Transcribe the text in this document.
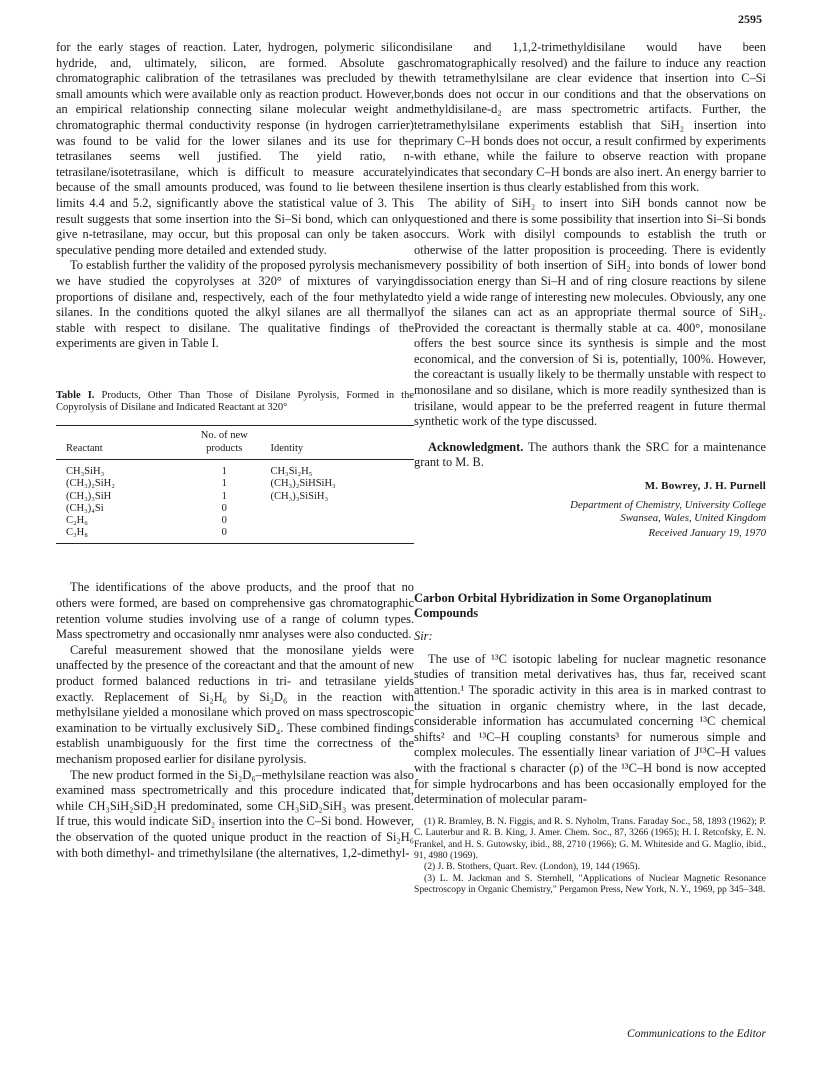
2595

for the early stages of reaction. Later, hydrogen, polymeric silicon hydride, and, ultimately, silicon, are formed. Absolute gas chromatographic calibration of the tetrasilanes was precluded by the small amounts which were available only as reaction product. However, an empirical relationship connecting silane molecular weight and chromatographic thermal conductivity response (in hydrogen carrier) was found to be valid for the lower silanes and its use for the tetrasilanes seems well justified. The yield ratio, n-tetrasilane/isotetrasilane, which is difficult to measure accurately because of the small amounts produced, was found to lie between the limits 4.4 and 5.2, significantly above the statistical value of 3. This result suggests that some insertion into the Si–Si bond, which can only give n-tetrasilane, may occur, but this proposal can only be taken as speculative pending more detailed and extended study.

To establish further the validity of the proposed pyrolysis mechanism we have studied the copyrolyses at 320° of mixtures of varying proportions of disilane and, respectively, each of the four methylated silanes. In the conditions quoted the alkyl silanes are all thermally stable with respect to disilane. The qualitative findings of the experiments are given in Table I.

Table I. Products, Other Than Those of Disilane Pyrolysis, Formed in the Copyrolysis of Disilane and Indicated Reactant at 320°
Reactant	No. of new products	Identity
CH₃SiH₃	1	CH₃Si₂H₅
(CH₃)₂SiH₂	1	(CH₃)₂SiHSiH₃
(CH₃)₃SiH	1	(CH₃)₃SiSiH₃
(CH₃)₄Si	0	
C₂H₆	0	
C₃H₈	0	

The identifications of the above products, and the proof that no others were formed, are based on comprehensive gas chromatographic retention volume studies involving use of a range of column types. Mass spectrometry and occasionally nmr analyses were also conducted.

Careful measurement showed that the monosilane yields were unaffected by the presence of the coreactant and that the amount of new product formed balanced reductions in tri- and tetrasilane yields exactly. Replacement of Si₂H₆ by Si₂D₆ in the reaction with methylsilane yielded a monosilane which proved on mass spectroscopic examination to be virtually exclusively SiD₄. These combined findings establish unambiguously for the first time the correctness of the mechanism proposed earlier for disilane pyrolysis.

The new product formed in the Si₂D₆–methylsilane reaction was also examined mass spectrometrically and this procedure indicated that, while CH₃SiH₂SiD₂H predominated, some CH₃SiD₂SiH₃ was present. If true, this would indicate SiD₂ insertion into the C–Si bond. However, the observation of the quoted unique product in the reaction of Si₂H₆ with both dimethyl- and trimethylsilane (the alternatives, 1,2-dimethyl-

disilane and 1,1,2-trimethyldisilane would have been chromatographically resolved) and the failure to induce any reaction with tetramethylsilane are clear evidence that insertion into C–Si bonds does not occur in our conditions and that the observations on methyldisilane-d₂ are mass spectrometric artifacts. Further, the tetramethylsilane experiments establish that SiH₂ insertion into primary C–H bonds does not occur, a result confirmed by experiments with ethane, while the failure to observe reaction with propane indicates that secondary C–H bonds are also inert. An energy barrier to silene insertion is thus clearly established from this work.

The ability of SiH₂ to insert into SiH bonds cannot now be questioned and there is some possibility that insertion into Si–Si bonds occurs. Work with disilyl compounds to establish the truth or otherwise of the latter proposition is proceeding. There is evidently every possibility of both insertion of SiH₂ into bonds of lower bond dissociation energy than Si–H and of ring closure reactions by silene to yield a wide range of interesting new molecules. Obviously, any one of the silanes can act as an appropriate thermal source of SiH₂. Provided the coreactant is thermally stable at ca. 400°, monosilane offers the best source since its synthesis is simple and the most economical, and the conversion of Si is, potentially, 100%. However, the coreactant is usually likely to be thermally unstable with respect to monosilane and so disilane, which is more readily synthesized than is trisilane, would appear to be the preferred reagent in future thermal synthetic work of the type discussed.

Acknowledgment. The authors thank the SRC for a maintenance grant to M. B.

M. Bowrey, J. H. Purnell
Department of Chemistry, University College
Swansea, Wales, United Kingdom
Received January 19, 1970
Carbon Orbital Hybridization in Some Organoplatinum Compounds
Sir:

The use of ¹³C isotopic labeling for nuclear magnetic resonance studies of transition metal derivatives has, thus far, received scant attention.¹ The sporadic activity in this area is in marked contrast to the situation in organic chemistry where, in the last decade, considerable information has accumulated concerning ¹³C chemical shifts² and ¹³C–H coupling constants³ for numerous simple and complex molecules. The essentially linear variation of J¹³C–H values with the fractional s character (ρ) of the ¹³C–H bond is now accepted for simple hydrocarbons and has been occasionally employed for the determination of molecular param-

(1) R. Bramley, B. N. Figgis, and R. S. Nyholm, Trans. Faraday Soc., 58, 1893 (1962); P. C. Lauterbur and R. B. King, J. Amer. Chem. Soc., 87, 3266 (1965); H. I. Retcofsky, E. N. Frankel, and H. S. Gutowsky, ibid., 88, 2710 (1966); G. M. Whiteside and G. Maglio, ibid., 91, 4980 (1969).

(2) J. B. Stothers, Quart. Rev. (London), 19, 144 (1965).

(3) L. M. Jackman and S. Sternhell, "Applications of Nuclear Magnetic Resonance Spectroscopy in Organic Chemistry," Pergamon Press, New York, N. Y., 1969, pp 345–348.

Communications to the Editor
